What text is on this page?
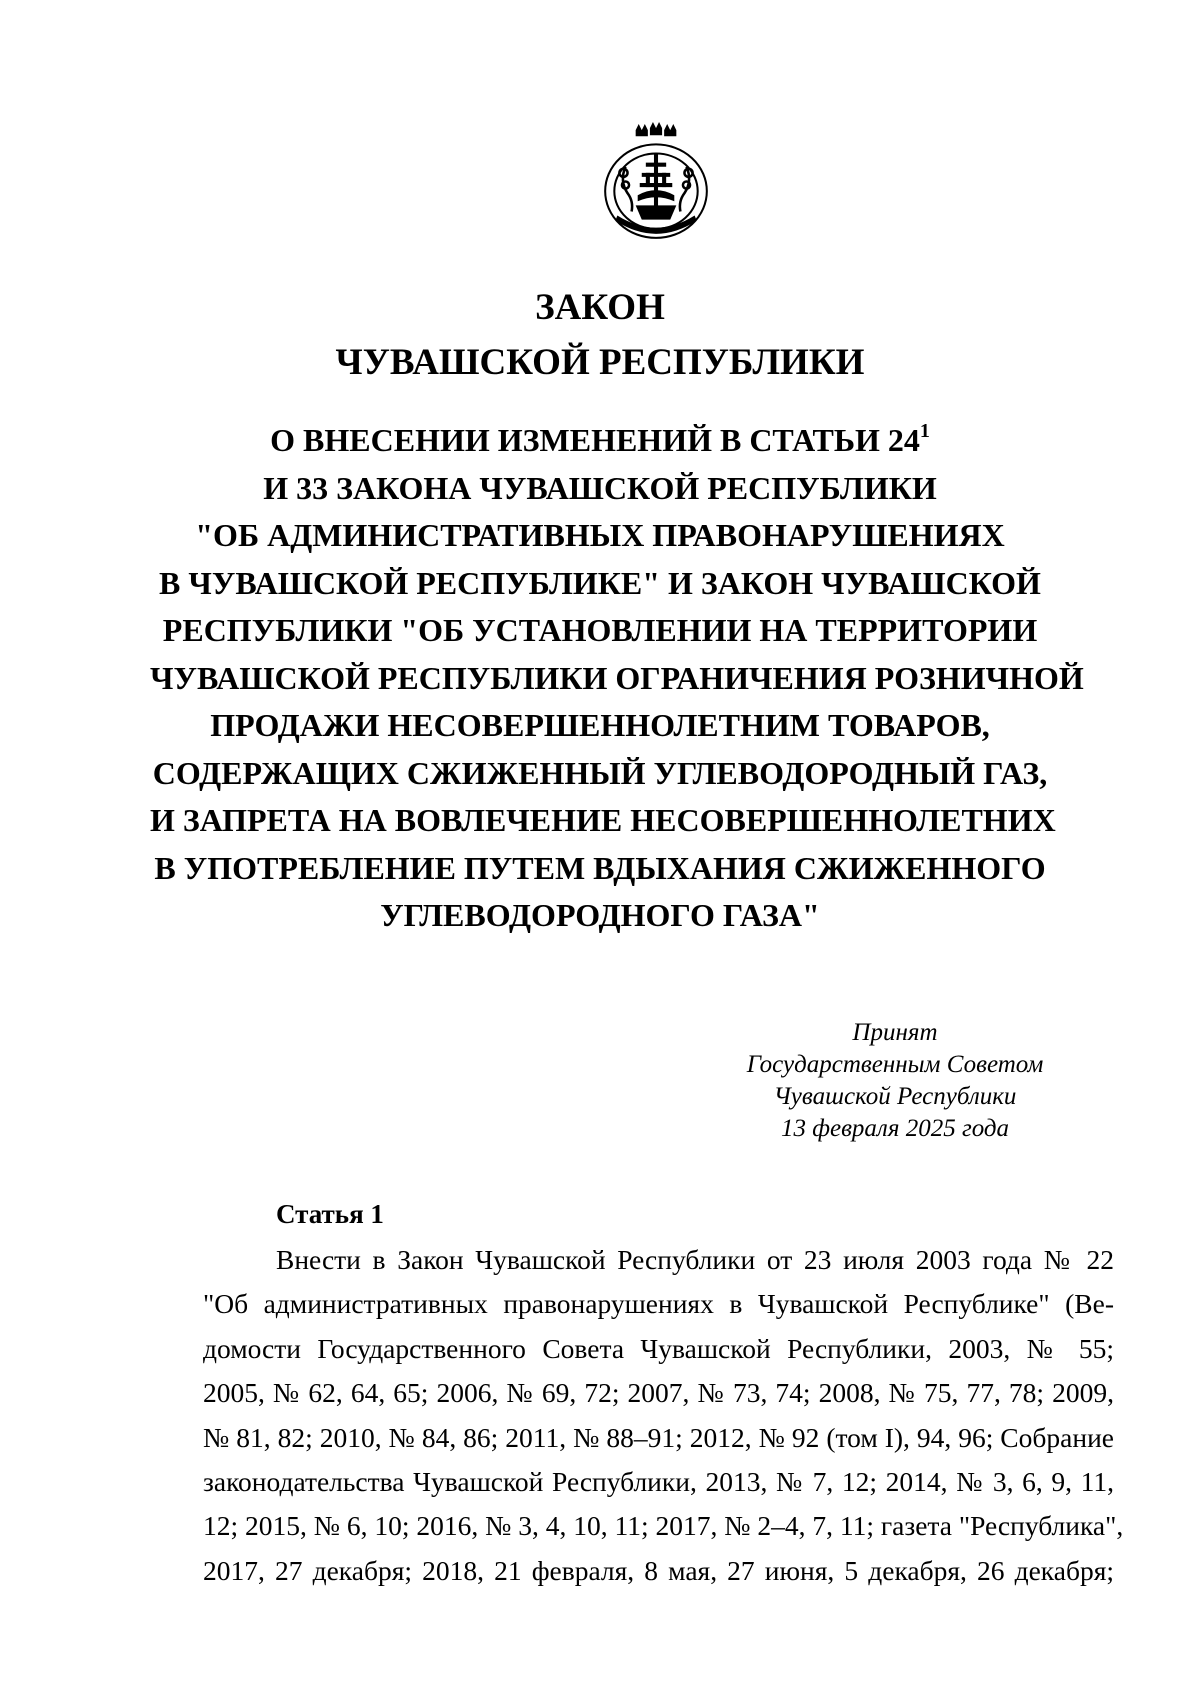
ЗАКОН
ЧУВАШСКОЙ РЕСПУБЛИКИ
О ВНЕСЕНИИ ИЗМЕНЕНИЙ В СТАТЬИ $24^1$
И 33 ЗАКОНА ЧУВАШСКОЙ РЕСПУБЛИКИ
"ОБ АДМИНИСТРАТИВНЫХ ПРАВОНАРУШЕНИЯХ
В ЧУВАШСКОЙ РЕСПУБЛИКЕ" И ЗАКОН ЧУВАШСКОЙ
РЕСПУБЛИКИ "ОБ УСТАНОВЛЕНИИ НА ТЕРРИТОРИИ
ЧУВАШСКОЙ РЕСПУБЛИКИ ОГРАНИЧЕНИЯ РОЗНИЧНОЙ
ПРОДАЖИ НЕСОВЕРШЕННОЛЕТНИМ ТОВАРОВ,
СОДЕРЖАЩИХ СЖИЖЕННЫЙ УГЛЕВОДОРОДНЫЙ ГАЗ,
И ЗАПРЕТА НА ВОВЛЕЧЕНИЕ НЕСОВЕРШЕННОЛЕТНИХ
В УПОТРЕБЛЕНИЕ ПУТЕМ ВДЫХАНИЯ СЖИЖЕННОГО
УГЛЕВОДОРОДНОГО ГАЗА"
Принят
Государственным Советом
Чувашской Республики
13 февраля 2025 года
Статья 1

Внести в Закон Чувашской Республики от 23 июля 2003 года № 22
"Об административных правонарушениях в Чувашской Республике" (Ве-
домости Государственного Совета Чувашской Республики, 2003, № 55;
2005, № 62, 64, 65; 2006, № 69, 72; 2007, № 73, 74; 2008, № 75, 77, 78; 2009,
№ 81, 82; 2010, № 84, 86; 2011, № 88–91; 2012, № 92 (том I), 94, 96; Собрание
законодательства Чувашской Республики, 2013, № 7, 12; 2014, № 3, 6, 9, 11,
12; 2015, № 6, 10; 2016, № 3, 4, 10, 11; 2017, № 2–4, 7, 11; газета "Республика",
2017, 27 декабря; 2018, 21 февраля, 8 мая, 27 июня, 5 декабря, 26 декабря;
